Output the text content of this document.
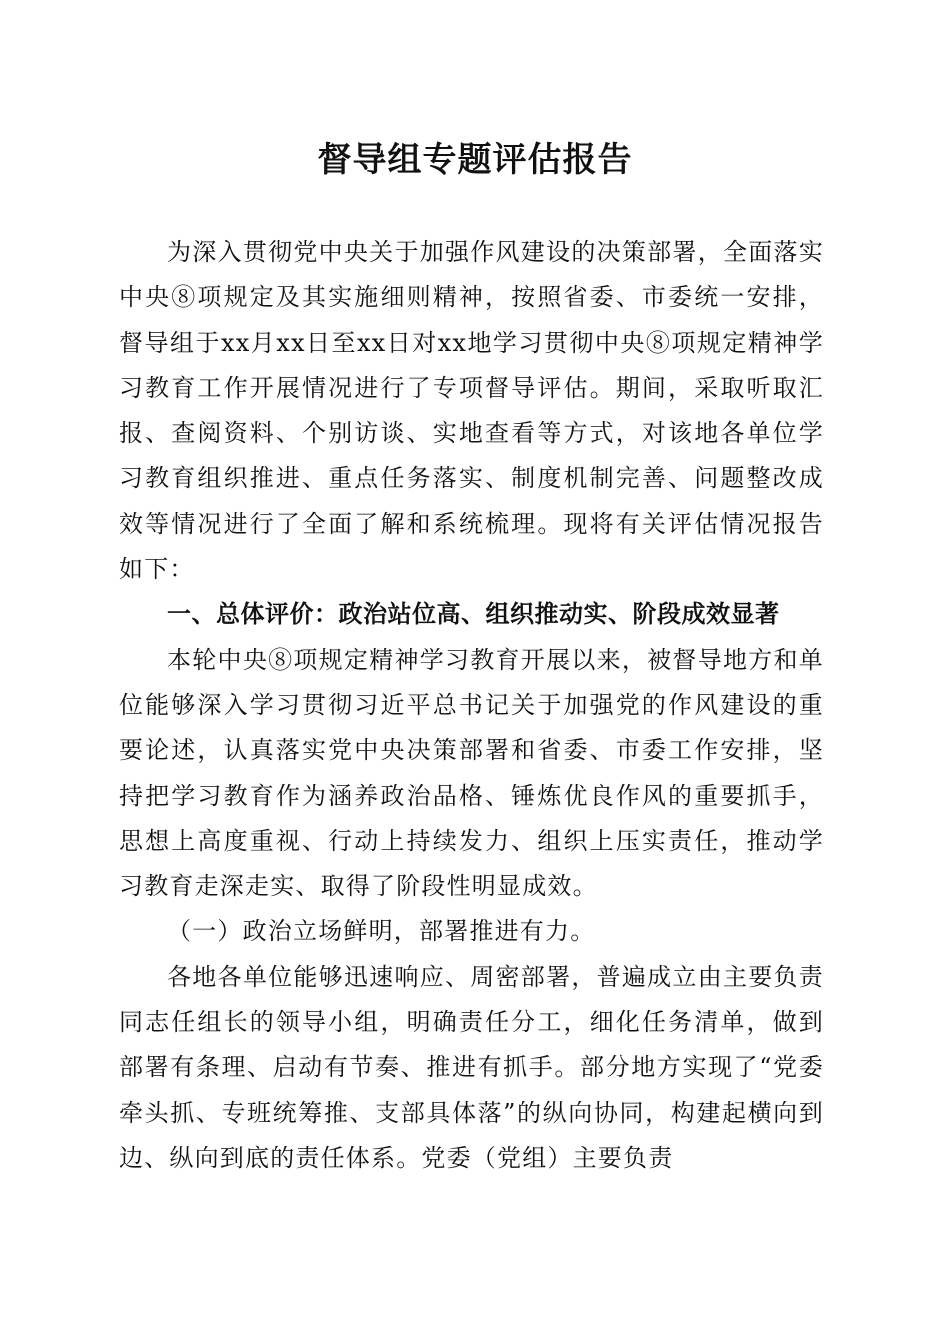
督导组专题评估报告

为深入贯彻党中央关于加强作风建设的决策部署，全面落实中央⑧项规定及其实施细则精神，按照省委、市委统一安排，督导组于xx月xx日至xx日对xx地学习贯彻中央⑧项规定精神学习教育工作开展情况进行了专项督导评估。期间，采取听取汇报、查阅资料、个别访谈、实地查看等方式，对该地各单位学习教育组织推进、重点任务落实、制度机制完善、问题整改成效等情况进行了全面了解和系统梳理。现将有关评估情况报告如下：

一、总体评价：政治站位高、组织推动实、阶段成效显著

本轮中央⑧项规定精神学习教育开展以来，被督导地方和单位能够深入学习贯彻习近平总书记关于加强党的作风建设的重要论述，认真落实党中央决策部署和省委、市委工作安排，坚持把学习教育作为涵养政治品格、锤炼优良作风的重要抓手，思想上高度重视、行动上持续发力、组织上压实责任，推动学习教育走深走实、取得了阶段性明显成效。

（一）政治立场鲜明，部署推进有力。

各地各单位能够迅速响应、周密部署，普遍成立由主要负责同志任组长的领导小组，明确责任分工，细化任务清单，做到部署有条理、启动有节奏、推进有抓手。部分地方实现了“党委牵头抓、专班统筹推、支部具体落”的纵向协同，构建起横向到边、纵向到底的责任体系。党委（党组）主要负责
